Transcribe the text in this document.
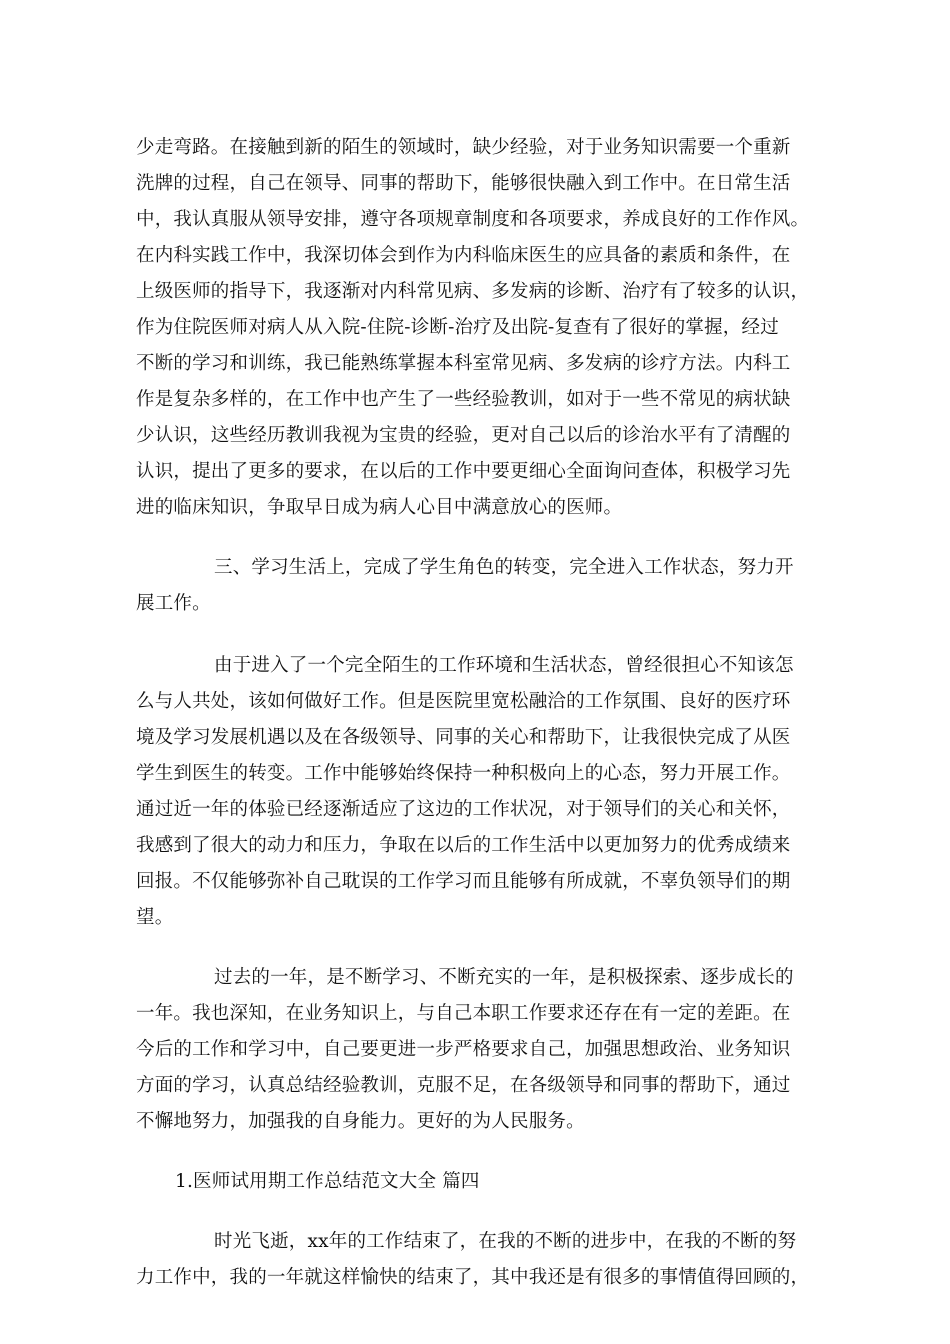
少走弯路。在接触到新的陌生的领域时，缺少经验，对于业务知识需要一个重新
洗牌的过程，自己在领导、同事的帮助下，能够很快融入到工作中。在日常生活
中，我认真服从领导安排，遵守各项规章制度和各项要求，养成良好的工作作风。
在内科实践工作中，我深切体会到作为内科临床医生的应具备的素质和条件，在
上级医师的指导下，我逐渐对内科常见病、多发病的诊断、治疗有了较多的认识，
作为住院医师对病人从入院-住院-诊断-治疗及出院-复查有了很好的掌握，经过
不断的学习和训练，我已能熟练掌握本科室常见病、多发病的诊疗方法。内科工
作是复杂多样的，在工作中也产生了一些经验教训，如对于一些不常见的病状缺
少认识，这些经历教训我视为宝贵的经验，更对自己以后的诊治水平有了清醒的
认识，提出了更多的要求，在以后的工作中要更细心全面询问查体，积极学习先
进的临床知识，争取早日成为病人心目中满意放心的医师。
三、学习生活上，完成了学生角色的转变，完全进入工作状态，努力开
展工作。
由于进入了一个完全陌生的工作环境和生活状态，曾经很担心不知该怎
么与人共处，该如何做好工作。但是医院里宽松融洽的工作氛围、良好的医疗环
境及学习发展机遇以及在各级领导、同事的关心和帮助下，让我很快完成了从医
学生到医生的转变。工作中能够始终保持一种积极向上的心态，努力开展工作。
通过近一年的体验已经逐渐适应了这边的工作状况，对于领导们的关心和关怀，
我感到了很大的动力和压力，争取在以后的工作生活中以更加努力的优秀成绩来
回报。不仅能够弥补自己耽误的工作学习而且能够有所成就，不辜负领导们的期
望。
过去的一年，是不断学习、不断充实的一年，是积极探索、逐步成长的
一年。我也深知，在业务知识上，与自己本职工作要求还存在有一定的差距。在
今后的工作和学习中，自己要更进一步严格要求自己，加强思想政治、业务知识
方面的学习，认真总结经验教训，克服不足，在各级领导和同事的帮助下，通过
不懈地努力，加强我的自身能力。更好的为人民服务。
1.医师试用期工作总结范文大全 篇四
时光飞逝，xx年的工作结束了，在我的不断的进步中，在我的不断的努
力工作中，我的一年就这样愉快的结束了，其中我还是有很多的事情值得回顾的，
